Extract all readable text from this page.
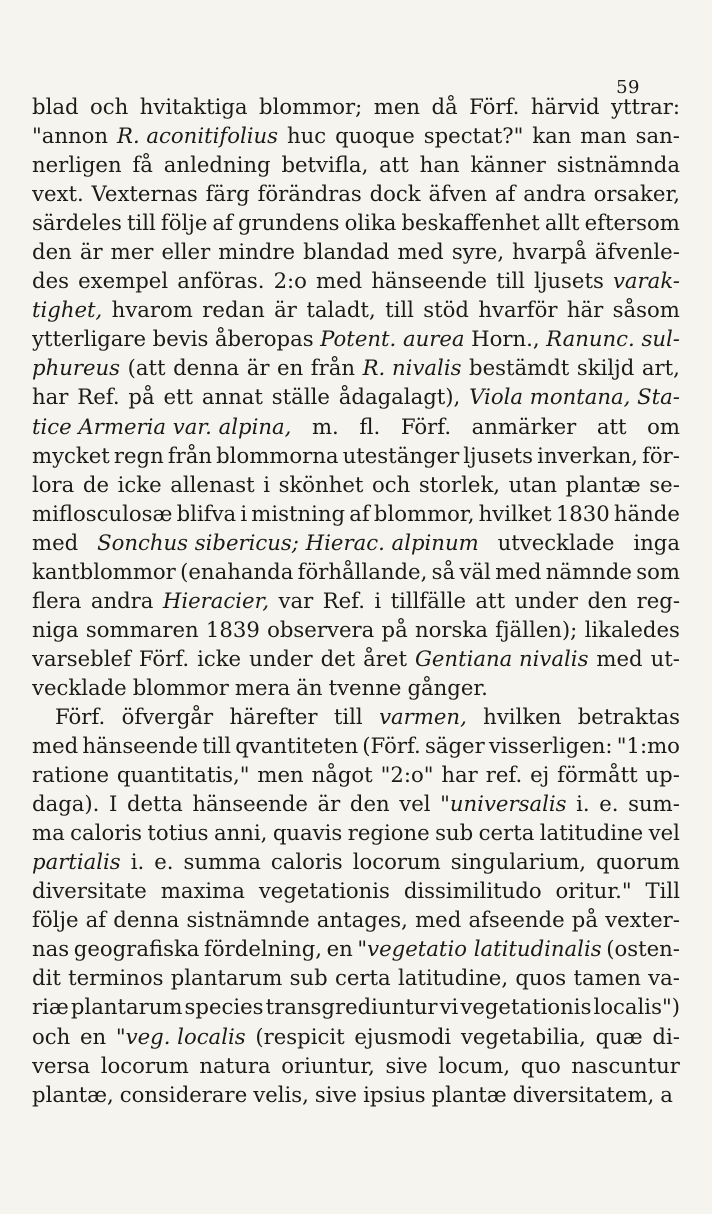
59
blad och hvitaktiga blommor; men då Förf. härvid yttrar:
"annon R. aconitifolius huc quoque spectat?" kan man san-
nerligen få anledning betvifla, att han känner sistnämnda
vext. Vexternas färg förändras dock äfven af andra orsaker,
särdeles till följe af grundens olika beskaffenhet allt eftersom
den är mer eller mindre blandad med syre, hvarpå äfvenle-
des exempel anföras. 2:o med hänseende till ljusets varak-
tighet, hvarom redan är taladt, till stöd hvarför här såsom
ytterligare bevis åberopas Potent. aurea Horn., Ranunc. sul-
phureus (att denna är en från R. nivalis bestämdt skiljd art,
har Ref. på ett annat ställe ådagalagt), Viola montana, Sta-
tice Armeria var. alpina, m. fl. Förf. anmärker att om
mycket regn från blommorna utestänger ljusets inverkan, för-
lora de icke allenast i skönhet och storlek, utan plantæ se-
miflosculosæ blifva i mistning af blommor, hvilket 1830 hände
med Sonchus sibericus; Hierac. alpinum utvecklade inga
kantblommor (enahanda förhållande, så väl med nämnde som
flera andra Hieracier, var Ref. i tillfälle att under den reg-
niga sommaren 1839 observera på norska fjällen); likaledes
varseblef Förf. icke under det året Gentiana nivalis med ut-
vecklade blommor mera än tvenne gånger.
Förf. öfvergår härefter till varmen, hvilken betraktas
med hänseende till qvantiteten (Förf. säger visserligen: "1:mo
ratione quantitatis," men något "2:o" har ref. ej förmått up-
daga). I detta hänseende är den vel "universalis i. e. sum-
ma caloris totius anni, quavis regione sub certa latitudine vel
partialis i. e. summa caloris locorum singularium, quorum
diversitate maxima vegetationis dissimilitudo oritur." Till
följe af denna sistnämnde antages, med afseende på vexter-
nas geografiska fördelning, en "vegetatio latitudinalis (osten-
dit terminos plantarum sub certa latitudine, quos tamen va-
riæ plantarum species transgrediuntur vi vegetationis localis")
och en "veg. localis (respicit ejusmodi vegetabilia, quæ di-
versa locorum natura oriuntur, sive locum, quo nascuntur
plantæ, considerare velis, sive ipsius plantæ diversitatem, a
